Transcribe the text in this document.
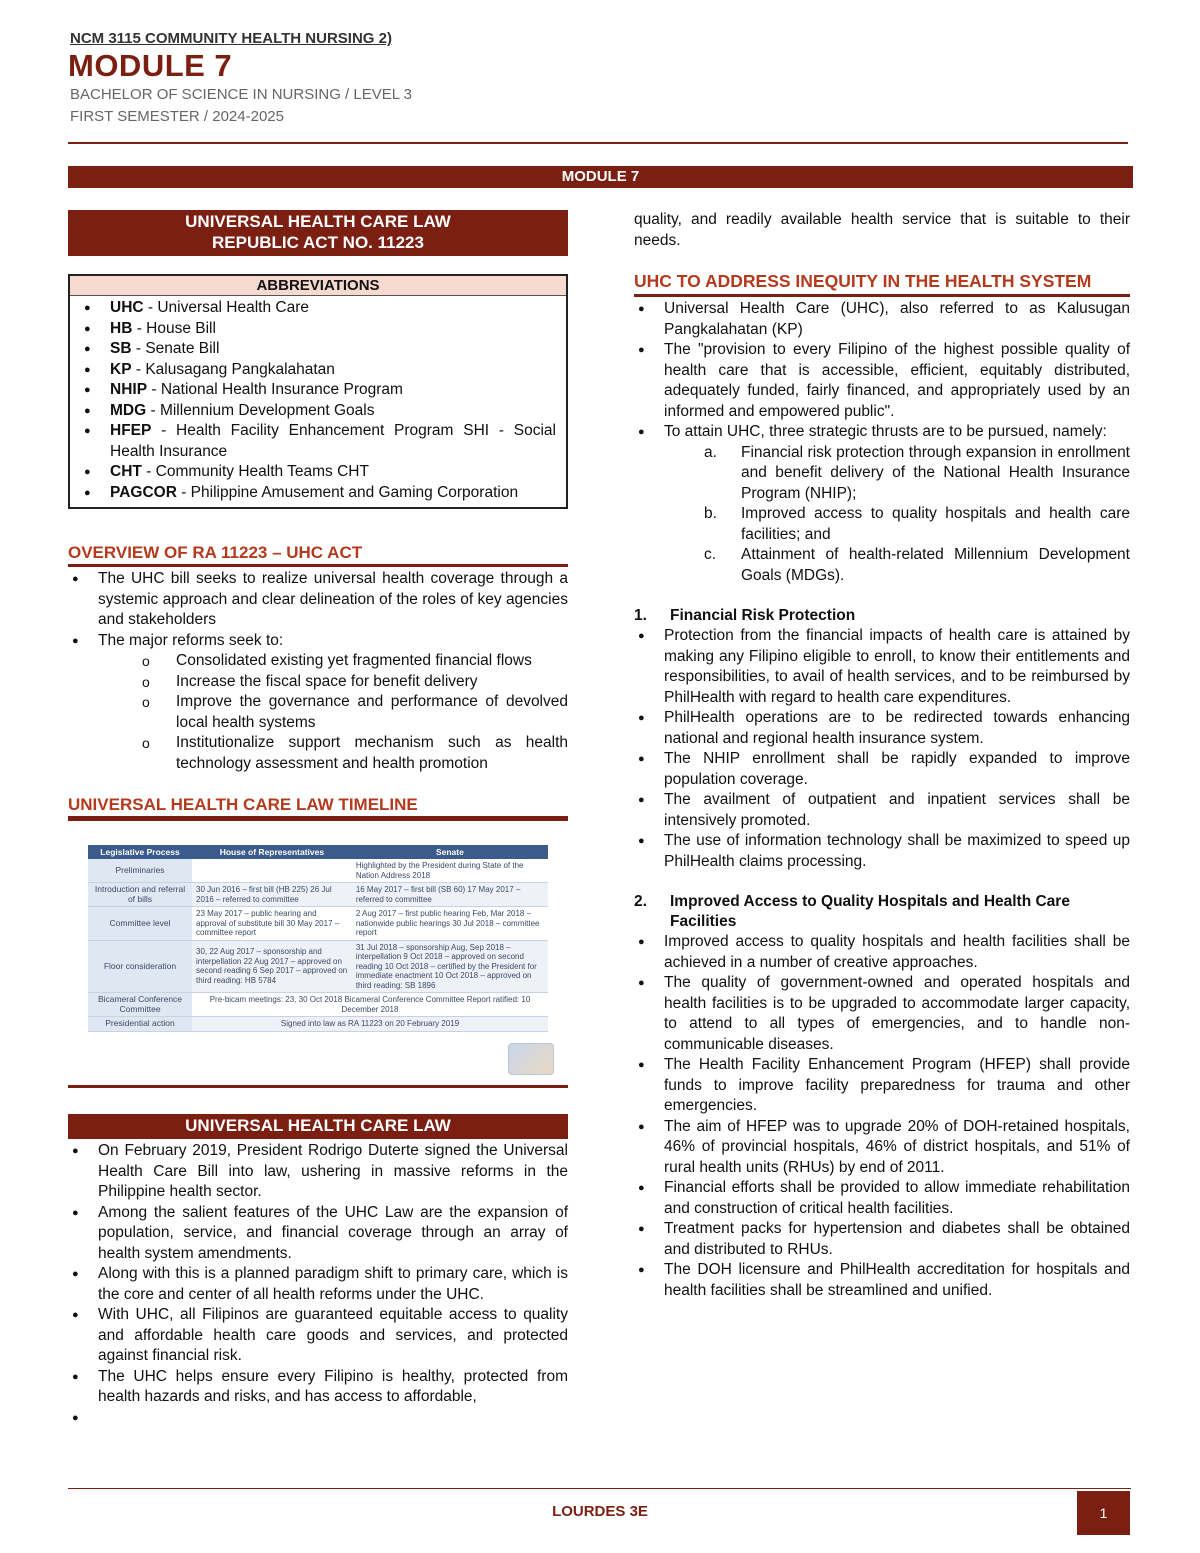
NCM 3115 COMMUNITY HEALTH NURSING 2)
MODULE 7
BACHELOR OF SCIENCE IN NURSING / LEVEL 3
FIRST SEMESTER / 2024-2025
MODULE 7
UNIVERSAL HEALTH CARE LAW
REPUBLIC ACT NO. 11223
ABBREVIATIONS
● UHC - Universal Health Care
● HB - House Bill
● SB - Senate Bill
● KP - Kalusagang Pangkalahatan
● NHIP - National Health Insurance Program
● MDG - Millennium Development Goals
● HFEP - Health Facility Enhancement Program SHI - Social Health Insurance
● CHT - Community Health Teams CHT
● PAGCOR - Philippine Amusement and Gaming Corporation
OVERVIEW OF RA 11223 – UHC ACT
● The UHC bill seeks to realize universal health coverage through a systemic approach and clear delineation of the roles of key agencies and stakeholders
● The major reforms seek to:
o Consolidated existing yet fragmented financial flows
o Increase the fiscal space for benefit delivery
o Improve the governance and performance of devolved local health systems
o Institutionalize support mechanism such as health technology assessment and health promotion
UNIVERSAL HEALTH CARE LAW TIMELINE
Legislative Process	House of Representatives	Senate
Preliminaries		Highlighted by the President during State of the Nation Address 2018
Introduction and referral of bills	30 Jun 2016 – first bill (HB 225) 26 Jul 2016 – referred to committee	16 May 2017 – first bill (SB 60) 17 May 2017 – referred to committee
Committee level	23 May 2017 – public hearing and approval of substitute bill 30 May 2017 – committee report	2 Aug 2017 – first public hearing Feb, Mar 2018 – nationwide public hearings 30 Jul 2018 – committee report
Floor consideration	30, 22 Aug 2017 – sponsorship and interpellation 22 Aug 2017 – approved on second reading 6 Sep 2017 – approved on third reading: HB 5784	31 Jul 2018 – sponsorship Aug, Sep 2018 – interpellation 9 Oct 2018 – approved on second reading 10 Oct 2018 – certified by the President for immediate enactment 10 Oct 2018 – approved on third reading: SB 1896
Bicameral Conference Committee	Pre-bicam meetings: 23, 30 Oct 2018 Bicameral Conference Committee Report ratified: 10 December 2018	
Presidential action	Signed into law as RA 11223 on 20 February 2019	
UNIVERSAL HEALTH CARE LAW
● On February 2019, President Rodrigo Duterte signed the Universal Health Care Bill into law, ushering in massive reforms in the Philippine health sector.
● Among the salient features of the UHC Law are the expansion of population, service, and financial coverage through an array of health system amendments.
● Along with this is a planned paradigm shift to primary care, which is the core and center of all health reforms under the UHC.
● With UHC, all Filipinos are guaranteed equitable access to quality and affordable health care goods and services, and protected against financial risk.
● The UHC helps ensure every Filipino is healthy, protected from health hazards and risks, and has access to affordable,
●
quality, and readily available health service that is suitable to their needs.
UHC TO ADDRESS INEQUITY IN THE HEALTH SYSTEM
● Universal Health Care (UHC), also referred to as Kalusugan Pangkalahatan (KP)
● The "provision to every Filipino of the highest possible quality of health care that is accessible, efficient, equitably distributed, adequately funded, fairly financed, and appropriately used by an informed and empowered public".
● To attain UHC, three strategic thrusts are to be pursued, namely:
a. Financial risk protection through expansion in enrollment and benefit delivery of the National Health Insurance Program (NHIP);
b. Improved access to quality hospitals and health care facilities; and
c. Attainment of health-related Millennium Development Goals (MDGs).
1. Financial Risk Protection
● Protection from the financial impacts of health care is attained by making any Filipino eligible to enroll, to know their entitlements and responsibilities, to avail of health services, and to be reimbursed by PhilHealth with regard to health care expenditures.
● PhilHealth operations are to be redirected towards enhancing national and regional health insurance system.
● The NHIP enrollment shall be rapidly expanded to improve population coverage.
● The availment of outpatient and inpatient services shall be intensively promoted.
● The use of information technology shall be maximized to speed up PhilHealth claims processing.
2. Improved Access to Quality Hospitals and Health Care Facilities
● Improved access to quality hospitals and health facilities shall be achieved in a number of creative approaches.
● The quality of government-owned and operated hospitals and health facilities is to be upgraded to accommodate larger capacity, to attend to all types of emergencies, and to handle non-communicable diseases.
● The Health Facility Enhancement Program (HFEP) shall provide funds to improve facility preparedness for trauma and other emergencies.
● The aim of HFEP was to upgrade 20% of DOH-retained hospitals, 46% of provincial hospitals, 46% of district hospitals, and 51% of rural health units (RHUs) by end of 2011.
● Financial efforts shall be provided to allow immediate rehabilitation and construction of critical health facilities.
● Treatment packs for hypertension and diabetes shall be obtained and distributed to RHUs.
● The DOH licensure and PhilHealth accreditation for hospitals and health facilities shall be streamlined and unified.
LOURDES 3E	1
